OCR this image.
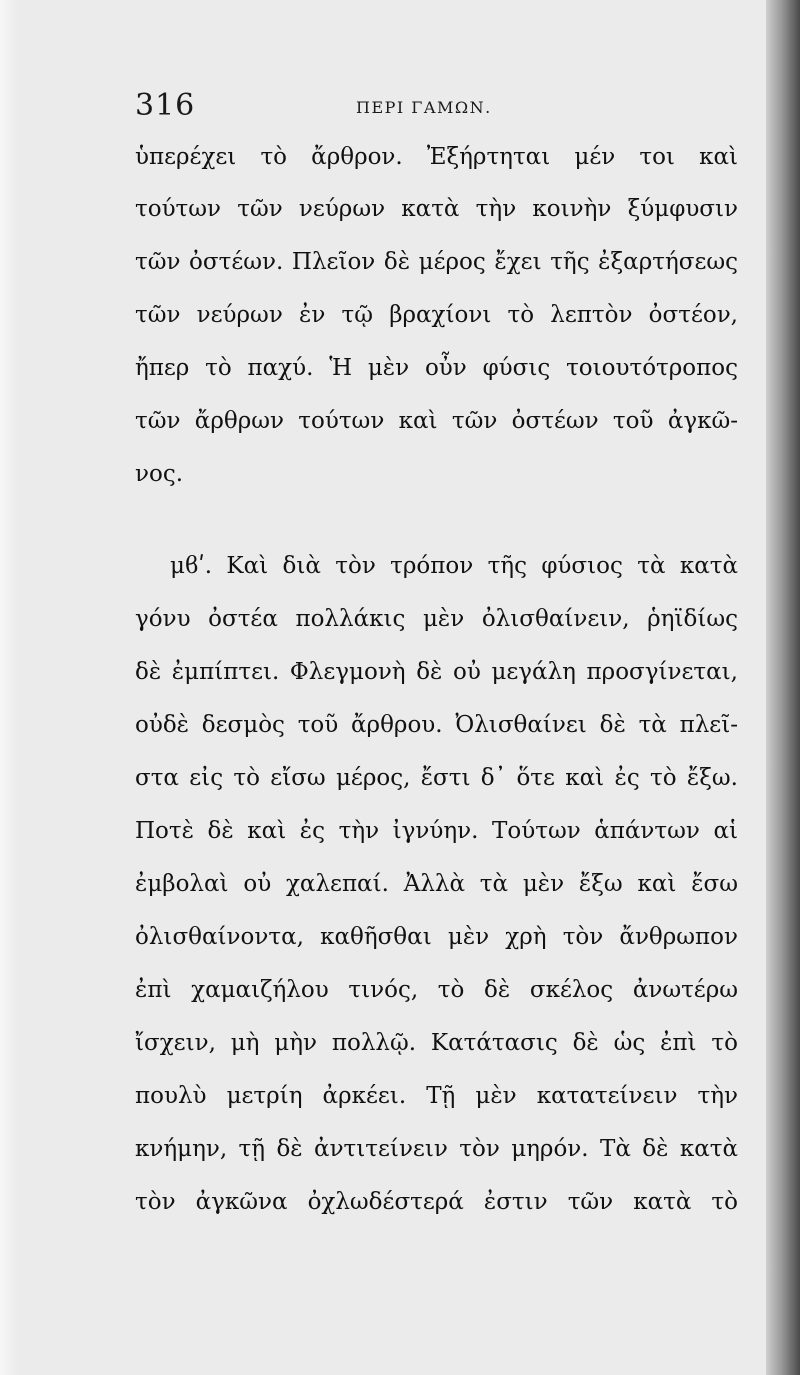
316	ΠΕΡΙ ΓΑΜΩΝ.
ὑπερέχει τὸ ἄρθρον. Ἐξήρτηται μέν τοι καὶ
τούτων τῶν νεύρων κατὰ τὴν κοινὴν ξύμφυσιν
τῶν ὀστέων. Πλεῖον δὲ μέρος ἔχει τῆς ἐξαρτήσεως
τῶν νεύρων ἐν τῷ βραχίονι τὸ λεπτὸν ὀστέον,
ἤπερ τὸ παχύ. Ἡ μὲν οὖν φύσις τοιουτότροπος
τῶν ἄρθρων τούτων καὶ τῶν ὀστέων τοῦ ἀγκῶ-
νος.
μϐʹ. Καὶ διὰ τὸν τρόπον τῆς φύσιος τὰ κατὰ
γόνυ ὀστέα πολλάκις μὲν ὀλισθαίνειν, ῥηϊδίως
δὲ ἐμπίπτει. Φλεγμονὴ δὲ οὐ μεγάλη προσγίνεται,
οὐδὲ δεσμὸς τοῦ ἄρθρου. Ὀλισθαίνει δὲ τὰ πλεῖ-
στα εἰς τὸ εἴσω μέρος, ἔστι δ᾽ ὅτε καὶ ἐς τὸ ἔξω.
Ποτὲ δὲ καὶ ἐς τὴν ἰγνύην. Τούτων ἁπάντων αἱ
ἐμβολαὶ οὐ χαλεπαί. Ἀλλὰ τὰ μὲν ἔξω καὶ ἔσω
ὀλισθαίνοντα, καθῆσθαι μὲν χρὴ τὸν ἄνθρωπον
ἐπὶ χαμαιζήλου τινός, τὸ δὲ σκέλος ἀνωτέρω
ἴσχειν, μὴ μὴν πολλῷ. Κατάτασις δὲ ὡς ἐπὶ τὸ
πουλὺ μετρίη ἀρκέει. Τῇ μὲν κατατείνειν τὴν
κνήμην, τῇ δὲ ἀντιτείνειν τὸν μηρόν. Τὰ δὲ κατὰ
τὸν ἀγκῶνα ὀχλωδέστερά ἐστιν τῶν κατὰ τὸ
